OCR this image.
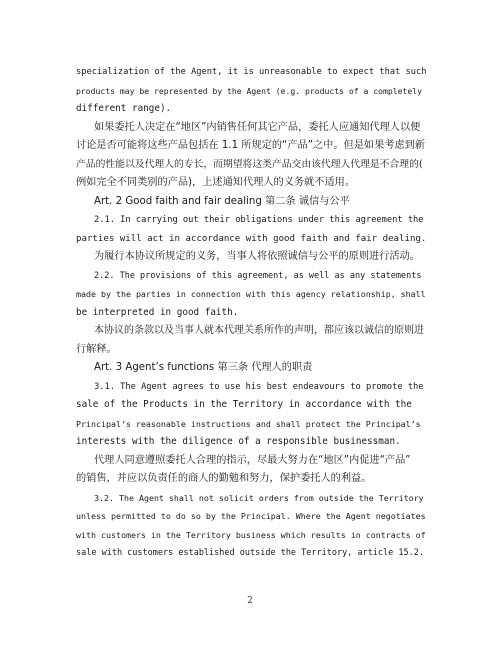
specialization of the Agent, it is unreasonable to expect that such
products may be represented by the Agent (e.g. products of a completely
different range).
如果委托人决定在“地区”内销售任何其它产品，委托人应通知代理人以便
讨论是否可能将这些产品包括在 1.1 所规定的“产品”之中。但是如果考虑到新
产品的性能以及代理人的专长，而期望将这类产品交由该代理人代理是不合理的(
例如完全不同类别的产品)，上述通知代理人的义务就不适用。
Art. 2 Good faith and fair dealing 第二条 诚信与公平
2.1. In carrying out their obligations under this agreement the
parties will act in accordance with good faith and fair dealing.
为履行本协议所规定的义务，当事人将依照诚信与公平的原则进行活动。
2.2. The provisions of this agreement, as well as any statements
made by the parties in connection with this agency relationship, shall
be interpreted in good faith.
本协议的条款以及当事人就本代理关系所作的声明，都应该以诚信的原则进
行解释。
Art. 3 Agent’s functions 第三条 代理人的职责
3.1. The Agent agrees to use his best endeavours to promote the
sale of the Products in the Territory in accordance with the
Principal’s reasonable instructions and shall protect the Principal’s
interests with the diligence of a responsible businessman.
代理人同意遵照委托人合理的指示，尽最大努力在“地区”内促进“产品”
的销售，并应以负责任的商人的勤勉和努力，保护委托人的利益。
3.2. The Agent shall not solicit orders from outside the Territory
unless permitted to do so by the Principal. Where the Agent negotiates
with customers in the Territory business which results in contracts of
sale with customers established outside the Territory, article 15.2.
2
